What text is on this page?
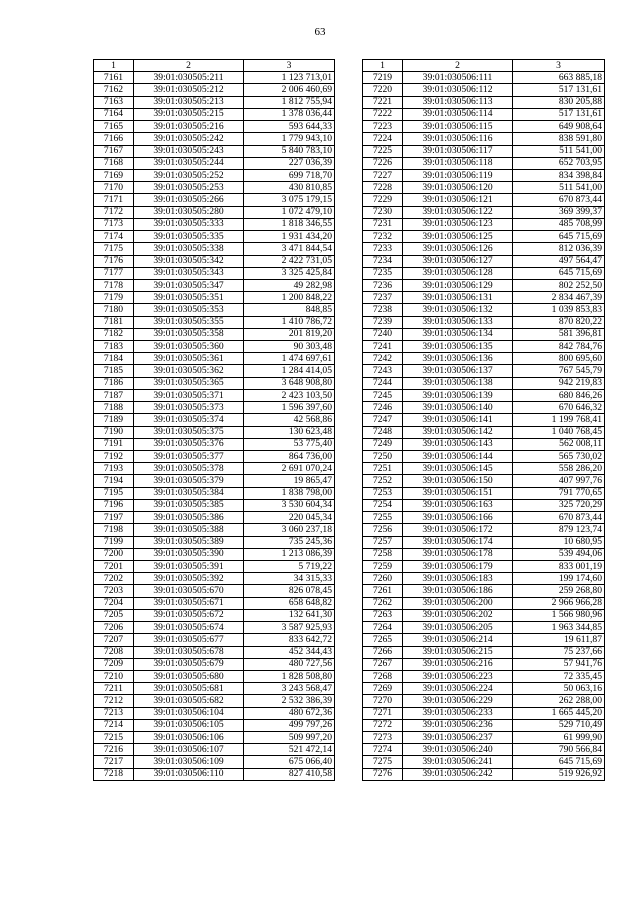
63
1	2	3
7161	39:01:030505:211	1 123 713,01
7162	39:01:030505:212	2 006 460,69
7163	39:01:030505:213	1 812 755,94
7164	39:01:030505:215	1 378 036,44
7165	39:01:030505:216	593 644,33
7166	39:01:030505:242	1 779 943,10
7167	39:01:030505:243	5 840 783,10
7168	39:01:030505:244	227 036,39
7169	39:01:030505:252	699 718,70
7170	39:01:030505:253	430 810,85
7171	39:01:030505:266	3 075 179,15
7172	39:01:030505:280	1 072 479,10
7173	39:01:030505:333	1 818 346,55
7174	39:01:030505:335	1 931 434,20
7175	39:01:030505:338	3 471 844,54
7176	39:01:030505:342	2 422 731,05
7177	39:01:030505:343	3 325 425,84
7178	39:01:030505:347	49 282,98
7179	39:01:030505:351	1 200 848,22
7180	39:01:030505:353	848,85
7181	39:01:030505:355	1 410 786,72
7182	39:01:030505:358	201 819,20
7183	39:01:030505:360	90 303,48
7184	39:01:030505:361	1 474 697,61
7185	39:01:030505:362	1 284 414,05
7186	39:01:030505:365	3 648 908,80
7187	39:01:030505:371	2 423 103,50
7188	39:01:030505:373	1 596 397,60
7189	39:01:030505:374	42 568,86
7190	39:01:030505:375	130 623,48
7191	39:01:030505:376	53 775,40
7192	39:01:030505:377	864 736,00
7193	39:01:030505:378	2 691 070,24
7194	39:01:030505:379	19 865,47
7195	39:01:030505:384	1 838 798,00
7196	39:01:030505:385	3 530 604,34
7197	39:01:030505:386	220 045,34
7198	39:01:030505:388	3 060 237,18
7199	39:01:030505:389	735 245,36
7200	39:01:030505:390	1 213 086,39
7201	39:01:030505:391	5 719,22
7202	39:01:030505:392	34 315,33
7203	39:01:030505:670	826 078,45
7204	39:01:030505:671	658 648,82
7205	39:01:030505:672	132 641,30
7206	39:01:030505:674	3 587 925,93
7207	39:01:030505:677	833 642,72
7208	39:01:030505:678	452 344,43
7209	39:01:030505:679	480 727,56
7210	39:01:030505:680	1 828 508,80
7211	39:01:030505:681	3 243 568,47
7212	39:01:030505:682	2 532 386,39
7213	39:01:030506:104	480 672,36
7214	39:01:030506:105	499 797,26
7215	39:01:030506:106	509 997,20
7216	39:01:030506:107	521 472,14
7217	39:01:030506:109	675 066,40
7218	39:01:030506:110	827 410,58
1	2	3
7219	39:01:030506:111	663 885,18
7220	39:01:030506:112	517 131,61
7221	39:01:030506:113	830 205,88
7222	39:01:030506:114	517 131,61
7223	39:01:030506:115	649 908,64
7224	39:01:030506:116	838 591,80
7225	39:01:030506:117	511 541,00
7226	39:01:030506:118	652 703,95
7227	39:01:030506:119	834 398,84
7228	39:01:030506:120	511 541,00
7229	39:01:030506:121	670 873,44
7230	39:01:030506:122	369 399,37
7231	39:01:030506:123	485 708,99
7232	39:01:030506:125	645 715,69
7233	39:01:030506:126	812 036,39
7234	39:01:030506:127	497 564,47
7235	39:01:030506:128	645 715,69
7236	39:01:030506:129	802 252,50
7237	39:01:030506:131	2 834 467,39
7238	39:01:030506:132	1 039 853,83
7239	39:01:030506:133	870 820,22
7240	39:01:030506:134	581 396,81
7241	39:01:030506:135	842 784,76
7242	39:01:030506:136	800 695,60
7243	39:01:030506:137	767 545,79
7244	39:01:030506:138	942 219,83
7245	39:01:030506:139	680 846,26
7246	39:01:030506:140	670 646,32
7247	39:01:030506:141	1 199 768,41
7248	39:01:030506:142	1 040 768,45
7249	39:01:030506:143	562 008,11
7250	39:01:030506:144	565 730,02
7251	39:01:030506:145	558 286,20
7252	39:01:030506:150	407 997,76
7253	39:01:030506:151	791 770,65
7254	39:01:030506:163	325 720,29
7255	39:01:030506:166	670 873,44
7256	39:01:030506:172	879 123,74
7257	39:01:030506:174	10 680,95
7258	39:01:030506:178	539 494,06
7259	39:01:030506:179	833 001,19
7260	39:01:030506:183	199 174,60
7261	39:01:030506:186	259 268,80
7262	39:01:030506:200	2 966 966,28
7263	39:01:030506:202	1 566 980,96
7264	39:01:030506:205	1 963 344,85
7265	39:01:030506:214	19 611,87
7266	39:01:030506:215	75 237,66
7267	39:01:030506:216	57 941,76
7268	39:01:030506:223	72 335,45
7269	39:01:030506:224	50 063,16
7270	39:01:030506:229	262 288,00
7271	39:01:030506:233	1 665 445,20
7272	39:01:030506:236	529 710,49
7273	39:01:030506:237	61 999,90
7274	39:01:030506:240	790 566,84
7275	39:01:030506:241	645 715,69
7276	39:01:030506:242	519 926,92
